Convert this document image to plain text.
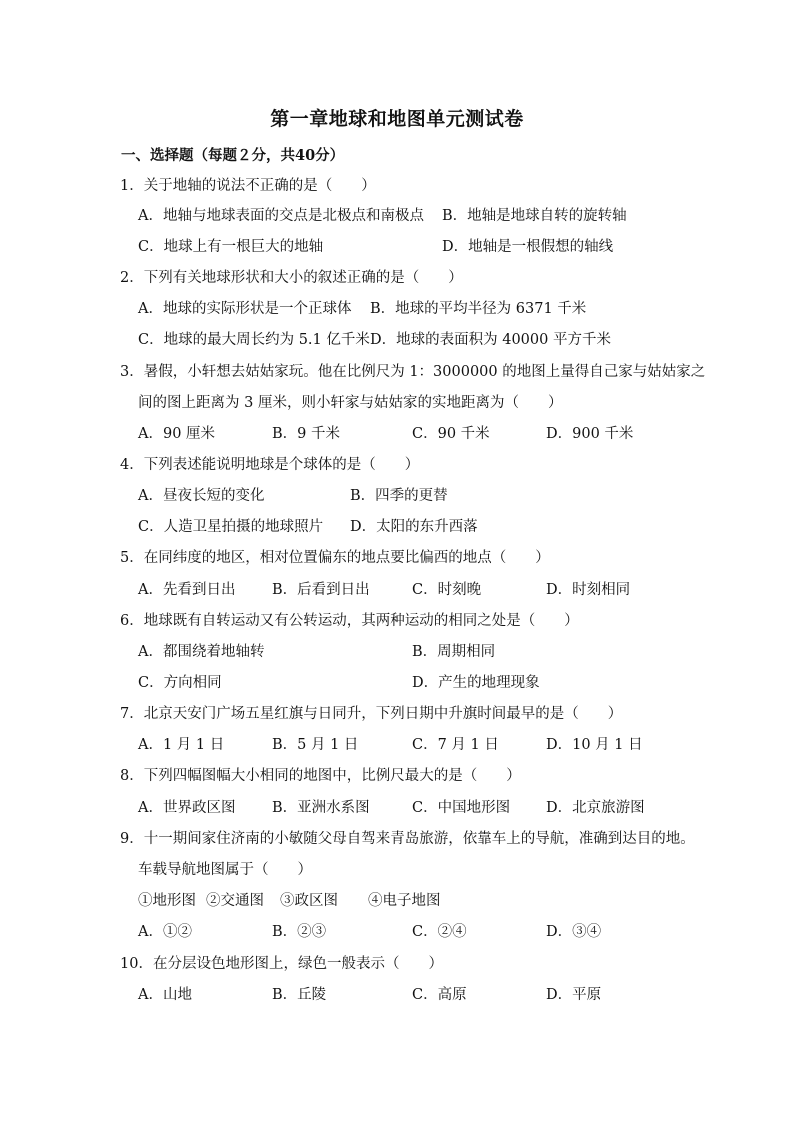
第一章地球和地图单元测试卷
一、选择题（每题２分，共40分）
1．关于地轴的说法不正确的是（　　）
A．地轴与地球表面的交点是北极点和南极点 B．地轴是地球自转的旋转轴
C．地球上有一根巨大的地轴	D．地轴是一根假想的轴线
2．下列有关地球形状和大小的叙述正确的是（　　）
A．地球的实际形状是一个正球体 B．地球的平均半径为 6371 千米
C．地球的最大周长约为 5.1 亿千米 D．地球的表面积为 40000 平方千米
3．暑假，小轩想去姑姑家玩。他在比例尺为 1：3000000 的地图上量得自己家与姑姑家之
间的图上距离为 3 厘米，则小轩家与姑姑家的实地距离为（　　）
A．90 厘米	B．9 千米	C．90 千米	D．900 千米
4．下列表述能说明地球是个球体的是（　　）
A．昼夜长短的变化	B．四季的更替
C．人造卫星拍摄的地球照片 D．太阳的东升西落
5．在同纬度的地区，相对位置偏东的地点要比偏西的地点（　　）
A．先看到日出	B．后看到日出	C．时刻晚	D．时刻相同
6．地球既有自转运动又有公转运动，其两种运动的相同之处是（　　）
A．都围绕着地轴转	B．周期相同
C．方向相同	D．产生的地理现象
7．北京天安门广场五星红旗与日同升，下列日期中升旗时间最早的是（　　）
A．1 月 1 日	B．5 月 1 日	C．7 月 1 日	D．10 月 1 日
8．下列四幅图幅大小相同的地图中，比例尺最大的是（　　）
A．世界政区图	B．亚洲水系图	C．中国地形图 D．北京旅游图
9．十一期间家住济南的小敏随父母自驾来青岛旅游，依靠车上的导航，准确到达目的地。
车载导航地图属于（　　）
①地形图 ②交通图 ③政区图 ④电子地图
A．①②	B．②③	C．②④	D．③④
10．在分层设色地形图上，绿色一般表示（　　）
A．山地	B．丘陵	C．高原	D．平原
